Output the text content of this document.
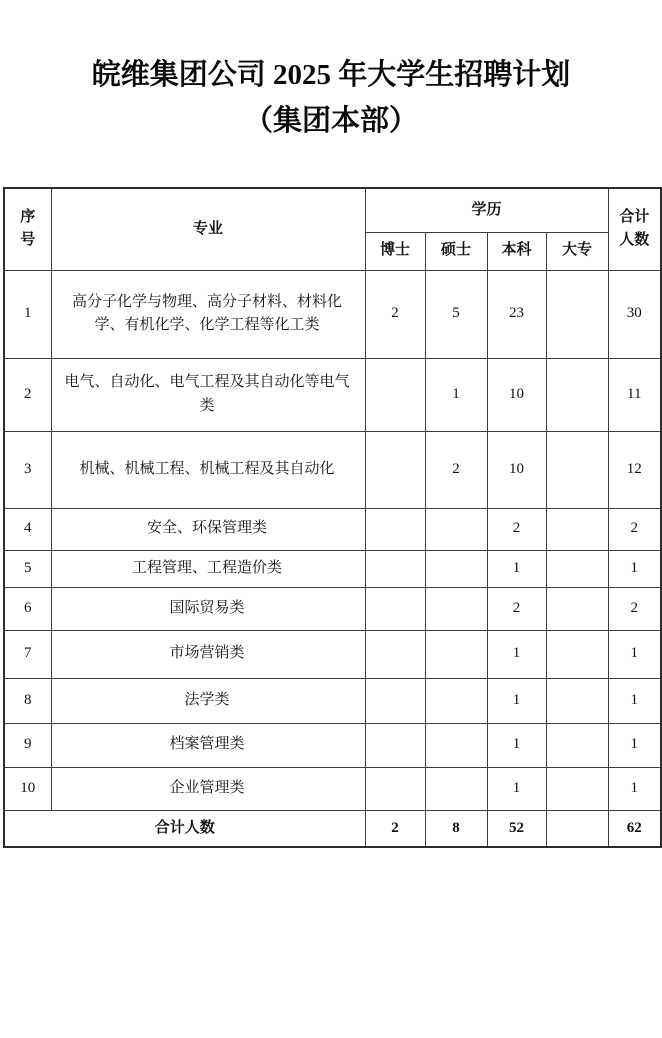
皖维集团公司 2025 年大学生招聘计划
（集团本部）
序号	专业	学历				合计人数
		博士	硕士	本科	大专	
1	高分子化学与物理、高分子材料、材料化学、有机化学、化学工程等化工类	2	5	23		30
2	电气、自动化、电气工程及其自动化等电气类		1	10		11
3	机械、机械工程、机械工程及其自动化		2	10		12
4	安全、环保管理类			2		2
5	工程管理、工程造价类			1		1
6	国际贸易类			2		2
7	市场营销类			1		1
8	法学类			1		1
9	档案管理类			1		1
10	企业管理类			1		1
合计人数		2	8	52		62
